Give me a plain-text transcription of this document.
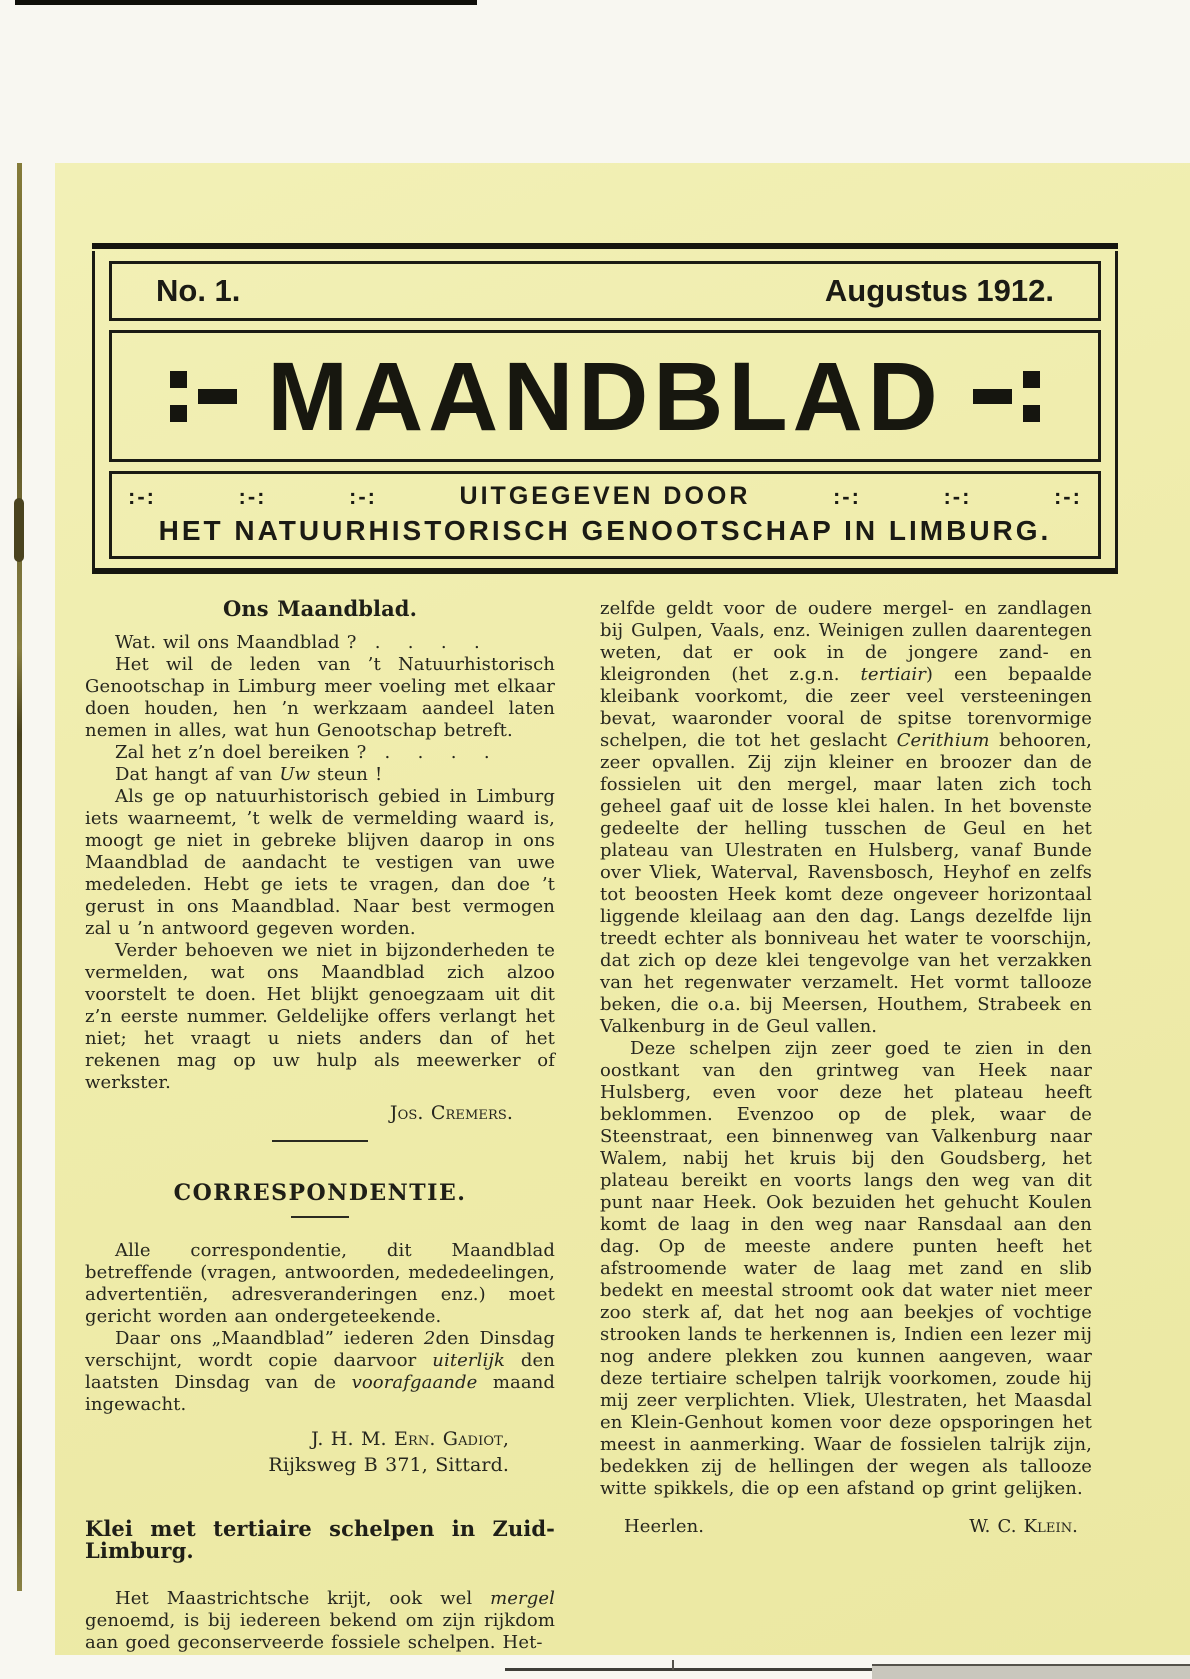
No. 1.	Augustus 1912.
MAANDBLAD
:-:	:-:	:-:	UITGEGEVEN DOOR	:-:	:-:	:-:
HET NATUURHISTORISCH GENOOTSCHAP IN LIMBURG.
Ons Maandblad.

Wat. wil ons Maandblad ?  .   .   .   .

Het wil de leden van ’t Natuurhistorisch Genootschap in Limburg meer voeling met elkaar doen houden, hen ’n werkzaam aandeel laten nemen in alles, wat hun Genootschap betreft.

Zal het z’n doel bereiken ?  .   .   .   .

Dat hangt af van Uw steun !

Als ge op natuurhistorisch gebied in Limburg iets waarneemt, ’t welk de vermelding waard is, moogt ge niet in gebreke blijven daarop in ons Maandblad de aandacht te vestigen van uwe medeleden. Hebt ge iets te vragen, dan doe ’t gerust in ons Maandblad. Naar best vermogen zal u ’n antwoord gegeven worden.

Verder behoeven we niet in bijzonderheden te vermelden, wat ons Maandblad zich alzoo voorstelt te doen. Het blijkt genoegzaam uit dit z’n eerste nummer. Geldelijke offers verlangt het niet; het vraagt u niets anders dan of het rekenen mag op uw hulp als meewerker of werkster.

Jos. Cremers.
CORRESPONDENTIE.

Alle correspondentie, dit Maandblad betreffende (vragen, antwoorden, mededeelingen, advertentiën, adresveranderingen enz.) moet gericht worden aan ondergeteekende.

Daar ons „Maandblad” iederen 2den Dinsdag verschijnt, wordt copie daarvoor uiterlijk den laatsten Dinsdag van de voorafgaande maand ingewacht.

J. H. M. Ern. Gadiot,
Rijksweg B 371, Sittard.
Klei met tertiaire schelpen in Zuid-Limburg.

Het Maastrichtsche krijt, ook wel mergel genoemd, is bij iedereen bekend om zijn rijkdom aan goed geconserveerde fossiele schelpen. Het-

zelfde geldt voor de oudere mergel- en zandlagen bij Gulpen, Vaals, enz. Weinigen zullen daarentegen weten, dat er ook in de jongere zand- en kleigronden (het z.g.n. tertiair) een bepaalde kleibank voorkomt, die zeer veel versteeningen bevat, waaronder vooral de spitse torenvormige schelpen, die tot het geslacht Cerithium behooren, zeer opvallen. Zij zijn kleiner en broozer dan de fossielen uit den mergel, maar laten zich toch geheel gaaf uit de losse klei halen. In het bovenste gedeelte der helling tusschen de Geul en het plateau van Ulestraten en Hulsberg, vanaf Bunde over Vliek, Waterval, Ravensbosch, Heyhof en zelfs tot beoosten Heek komt deze ongeveer horizontaal liggende kleilaag aan den dag. Langs dezelfde lijn treedt echter als bonniveau het water te voorschijn, dat zich op deze klei tengevolge van het verzakken van het regenwater verzamelt. Het vormt tallooze beken, die o.a. bij Meersen, Houthem, Strabeek en Valkenburg in de Geul vallen.

Deze schelpen zijn zeer goed te zien in den oostkant van den grintweg van Heek naar Hulsberg, even voor deze het plateau heeft beklommen. Evenzoo op de plek, waar de Steenstraat, een binnenweg van Valkenburg naar Walem, nabij het kruis bij den Goudsberg, het plateau bereikt en voorts langs den weg van dit punt naar Heek. Ook bezuiden het gehucht Koulen komt de laag in den weg naar Ransdaal aan den dag. Op de meeste andere punten heeft het afstroomende water de laag met zand en slib bedekt en meestal stroomt ook dat water niet meer zoo sterk af, dat het nog aan beekjes of vochtige strooken lands te herkennen is, Indien een lezer mij nog andere plekken zou kunnen aangeven, waar deze tertiaire schelpen talrijk voorkomen, zoude hij mij zeer verplichten. Vliek, Ulestraten, het Maasdal en Klein-Genhout komen voor deze opsporingen het meest in aanmerking. Waar de fossielen talrijk zijn, bedekken zij de hellingen der wegen als tallooze witte spikkels, die op een afstand op grint gelijken.

Heerlen.	W. C. Klein.
